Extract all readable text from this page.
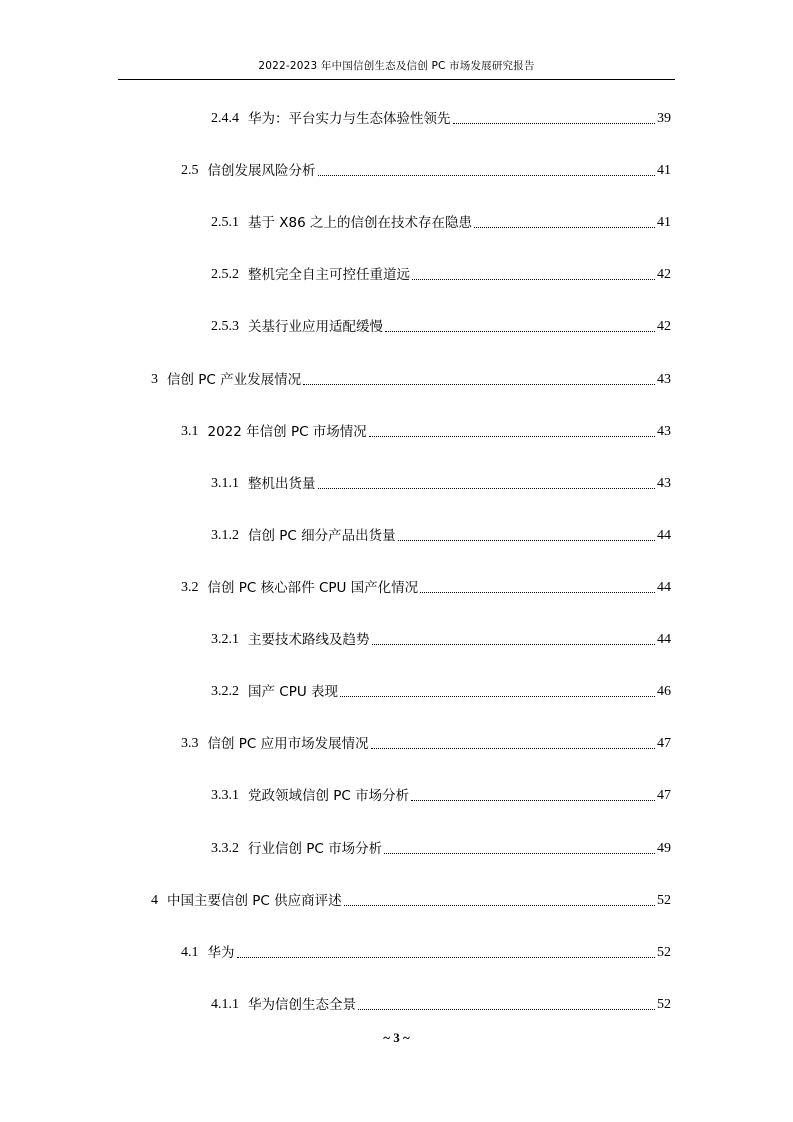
2022-2023 年中国信创生态及信创 PC 市场发展研究报告
2.4.4 华为：平台实力与生态体验性领先	39
2.5 信创发展风险分析	41
2.5.1 基于 X86 之上的信创在技术存在隐患	41
2.5.2 整机完全自主可控任重道远	42
2.5.3 关基行业应用适配缓慢	42
3 信创 PC 产业发展情况	43
3.1 2022 年信创 PC 市场情况	43
3.1.1 整机出货量	43
3.1.2 信创 PC 细分产品出货量	44
3.2 信创 PC 核心部件 CPU 国产化情况	44
3.2.1 主要技术路线及趋势	44
3.2.2 国产 CPU 表现	46
3.3 信创 PC 应用市场发展情况	47
3.3.1 党政领域信创 PC 市场分析	47
3.3.2 行业信创 PC 市场分析	49
4 中国主要信创 PC 供应商评述	52
4.1 华为	52
4.1.1 华为信创生态全景	52
~ 3 ~
